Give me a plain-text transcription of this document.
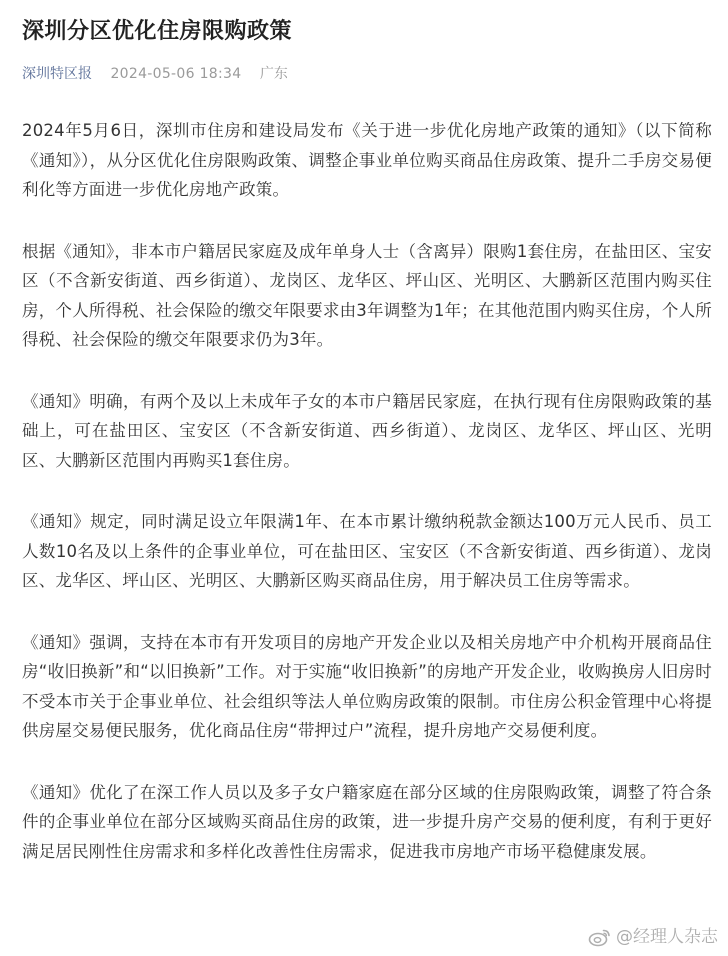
深圳分区优化住房限购政策
深圳特区报 2024-05-06 18:34 广东

2024年5月6日，深圳市住房和建设局发布《关于进一步优化房地产政策的通知》（以下简称《通知》），从分区优化住房限购政策、调整企事业单位购买商品住房政策、提升二手房交易便利化等方面进一步优化房地产政策。

根据《通知》，非本市户籍居民家庭及成年单身人士（含离异）限购1套住房，在盐田区、宝安区（不含新安街道、西乡街道）、龙岗区、龙华区、坪山区、光明区、大鹏新区范围内购买住房，个人所得税、社会保险的缴交年限要求由3年调整为1年；在其他范围内购买住房，个人所得税、社会保险的缴交年限要求仍为3年。

《通知》明确，有两个及以上未成年子女的本市户籍居民家庭，在执行现有住房限购政策的基础上，可在盐田区、宝安区（不含新安街道、西乡街道）、龙岗区、龙华区、坪山区、光明区、大鹏新区范围内再购买1套住房。

《通知》规定，同时满足设立年限满1年、在本市累计缴纳税款金额达100万元人民币、员工人数10名及以上条件的企事业单位，可在盐田区、宝安区（不含新安街道、西乡街道）、龙岗区、龙华区、坪山区、光明区、大鹏新区购买商品住房，用于解决员工住房等需求。

《通知》强调，支持在本市有开发项目的房地产开发企业以及相关房地产中介机构开展商品住房“收旧换新”和“以旧换新”工作。对于实施“收旧换新”的房地产开发企业，收购换房人旧房时不受本市关于企事业单位、社会组织等法人单位购房政策的限制。市住房公积金管理中心将提供房屋交易便民服务，优化商品住房“带押过户”流程，提升房地产交易便利度。

《通知》优化了在深工作人员以及多子女户籍家庭在部分区域的住房限购政策，调整了符合条件的企事业单位在部分区域购买商品住房的政策，进一步提升房产交易的便利度，有利于更好满足居民刚性住房需求和多样化改善性住房需求，促进我市房地产市场平稳健康发展。

@经理人杂志
